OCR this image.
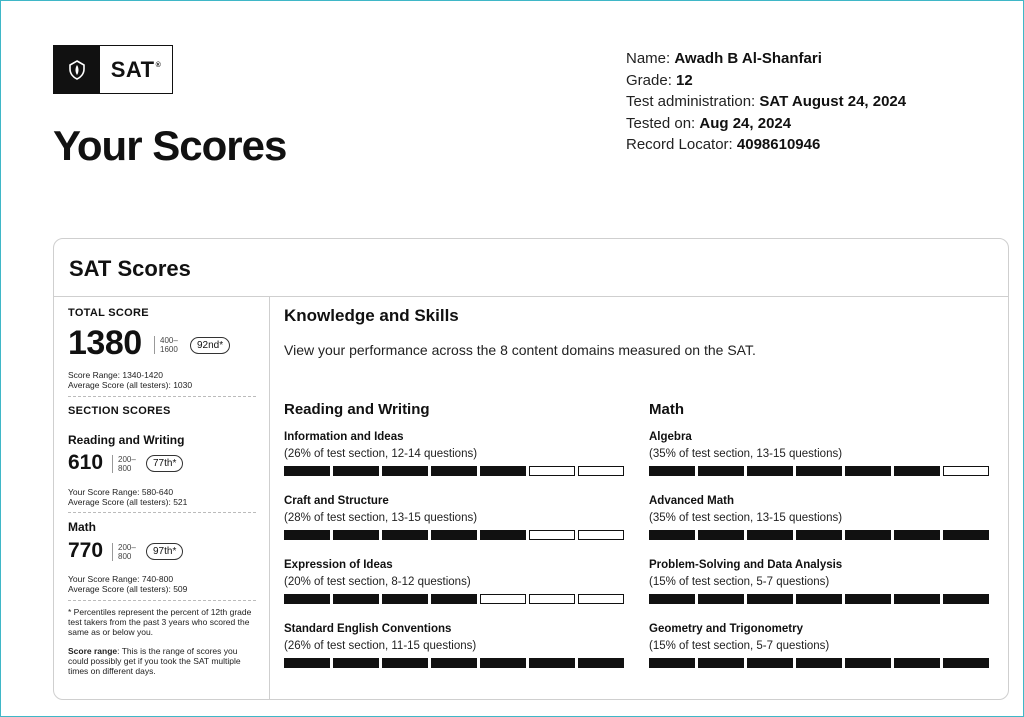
SAT ®
Your Scores
Name: Awadh B Al-Shanfari
Grade: 12
Test administration: SAT August 24, 2024
Tested on: Aug 24, 2024
Record Locator: 4098610946
SAT Scores
TOTAL SCORE
1380 400–
1600	92nd*
Score Range: 1340-1420
Average Score (all testers): 1030
SECTION SCORES
Reading and Writing
610 200–
800	77th*
Your Score Range: 580-640
Average Score (all testers): 521
Math
770 200–
800	97th*
Your Score Range: 740-800
Average Score (all testers): 509
* Percentiles represent the percent of 12th grade test takers from the past 3 years who scored the same as or below you.
Score range: This is the range of scores you could possibly get if you took the SAT multiple times on different days.
Knowledge and Skills
View your performance across the 8 content domains measured on the SAT.
Reading and Writing
Information and Ideas
(26% of test section, 12-14 questions)
Craft and Structure
(28% of test section, 13-15 questions)
Expression of Ideas
(20% of test section, 8-12 questions)
Standard English Conventions
(26% of test section, 11-15 questions)
Math
Algebra
(35% of test section, 13-15 questions)
Advanced Math
(35% of test section, 13-15 questions)
Problem-Solving and Data Analysis
(15% of test section, 5-7 questions)
Geometry and Trigonometry
(15% of test section, 5-7 questions)
